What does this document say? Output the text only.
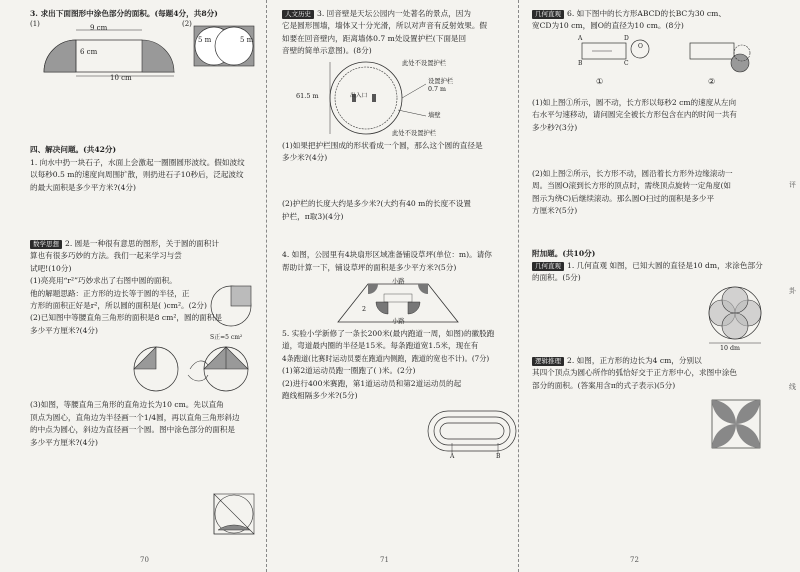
3. 求出下面图形中涂色部分的面积。(每题4分，共8分)

(1)	9 cm
6 cm
10 cm
(2)
5 m	5 m

四、解决问题。(共42分)

1. 向水中扔一块石子，水面上会激起一圈圈圆形波纹。假如波纹

以每秒0.5 m的速度向周围扩散，则扔进石子10秒后，泛起波纹

的最大面积是多少平方米?(4分)

数学思想 2. 圆是一种很有意思的图形，关于圆的面积计

算也有很多巧妙的方法。我们一起来学习与尝

试吧!(10分)

(1)亮亮用“r²”巧妙求出了右图中圆的面积。

他的解题思路：正方形的边长等于圆的半径，正

方形的面积正好是r²，所以圆的面积是( )cm²。(2分)

(2)已知图中等腰直角三角形的面积是8 cm²，圆的面积是

多少平方厘米?(4分)

(3)如图，等腰直角三角形的直角边长为10 cm。先以直角

顶点为圆心，直角边为半径画一个1/4圆，再以直角三角形斜边

的中点为圆心，斜边为直径画一个圆。图中涂色部分的面积是

多少平方厘米?(4分)

S正=5 cm²
70

人文历史 3. 回音壁是天坛公园内一处著名的景点，因为

它是圆形围墙，墙体又十分光滑，所以对声音有反射效果。假

如要在回音壁内，距离墙体0.7 m处设置护栏(下面是回

音壁的简单示意图)。(8分)

此处不设置护栏
61.5 m
设置护栏
0.7 m
墙壁
出入口
此处不设置护栏

(1)如果把护栏围成的形状看成一个圆，那么这个圆的直径是

多少米?(4分)

(2)护栏的长度大约是多少米?(大约有40 m的长度不设置

护栏，π取3)(4分)

4. 如图，公园里有4块扇形区域准备铺设草坪(单位：m)。请你

帮助计算一下，铺设草坪的面积是多少平方米?(5分)

小路
小路
2

5. 实验小学新修了一条长200米(最内跑道一周，如图)的徽股跑

道，弯道最内圈的半径是15米。每条跑道宽1.5米，现在有

4条跑道(比赛时运动员要在跑道内侧跑，跑道的宽也不计)。(7分)

(1)第2道运动员跑一圈跑了( )米。(2分)

(2)进行400米赛跑，第1道运动员和第2道运动员的起

跑线相隔多少米?(5分)

A	B
71

几何直观 6. 如下图中的长方形ABCD的长BC为30 cm、

宽CD为10 cm，圆O的直径为10 cm。(8分)

A
B	C
D
O
①	②

(1)如上图①所示，圆不动，长方形以每秒2 cm的速度从左向

右水平匀速移动，请问圆完全被长方形包含在内的时间一共有

多少秒?(3分)

(2)如上图②所示，长方形不动，圆沿着长方形外边缘滚动一

周。当圆O滚到长方形的顶点时，需绕顶点旋转一定角度(如

图示为绕C)后继续滚动。那么圆O扫过的面积是多少平

方厘米?(5分)

附加题。(共10分)

几何直观 1. 几何直观 如图，已知大圆的直径是10 dm，求涂色部分

的面积。(5分)

10 dm

逻辑推理 2. 如图，正方形的边长为4 cm，分别以

其四个顶点为圆心所作的弧恰好交于正方形中心，求图中涂色

部分的面积。(答案用含π的式子表示)(5分)

评
卦
线
72
